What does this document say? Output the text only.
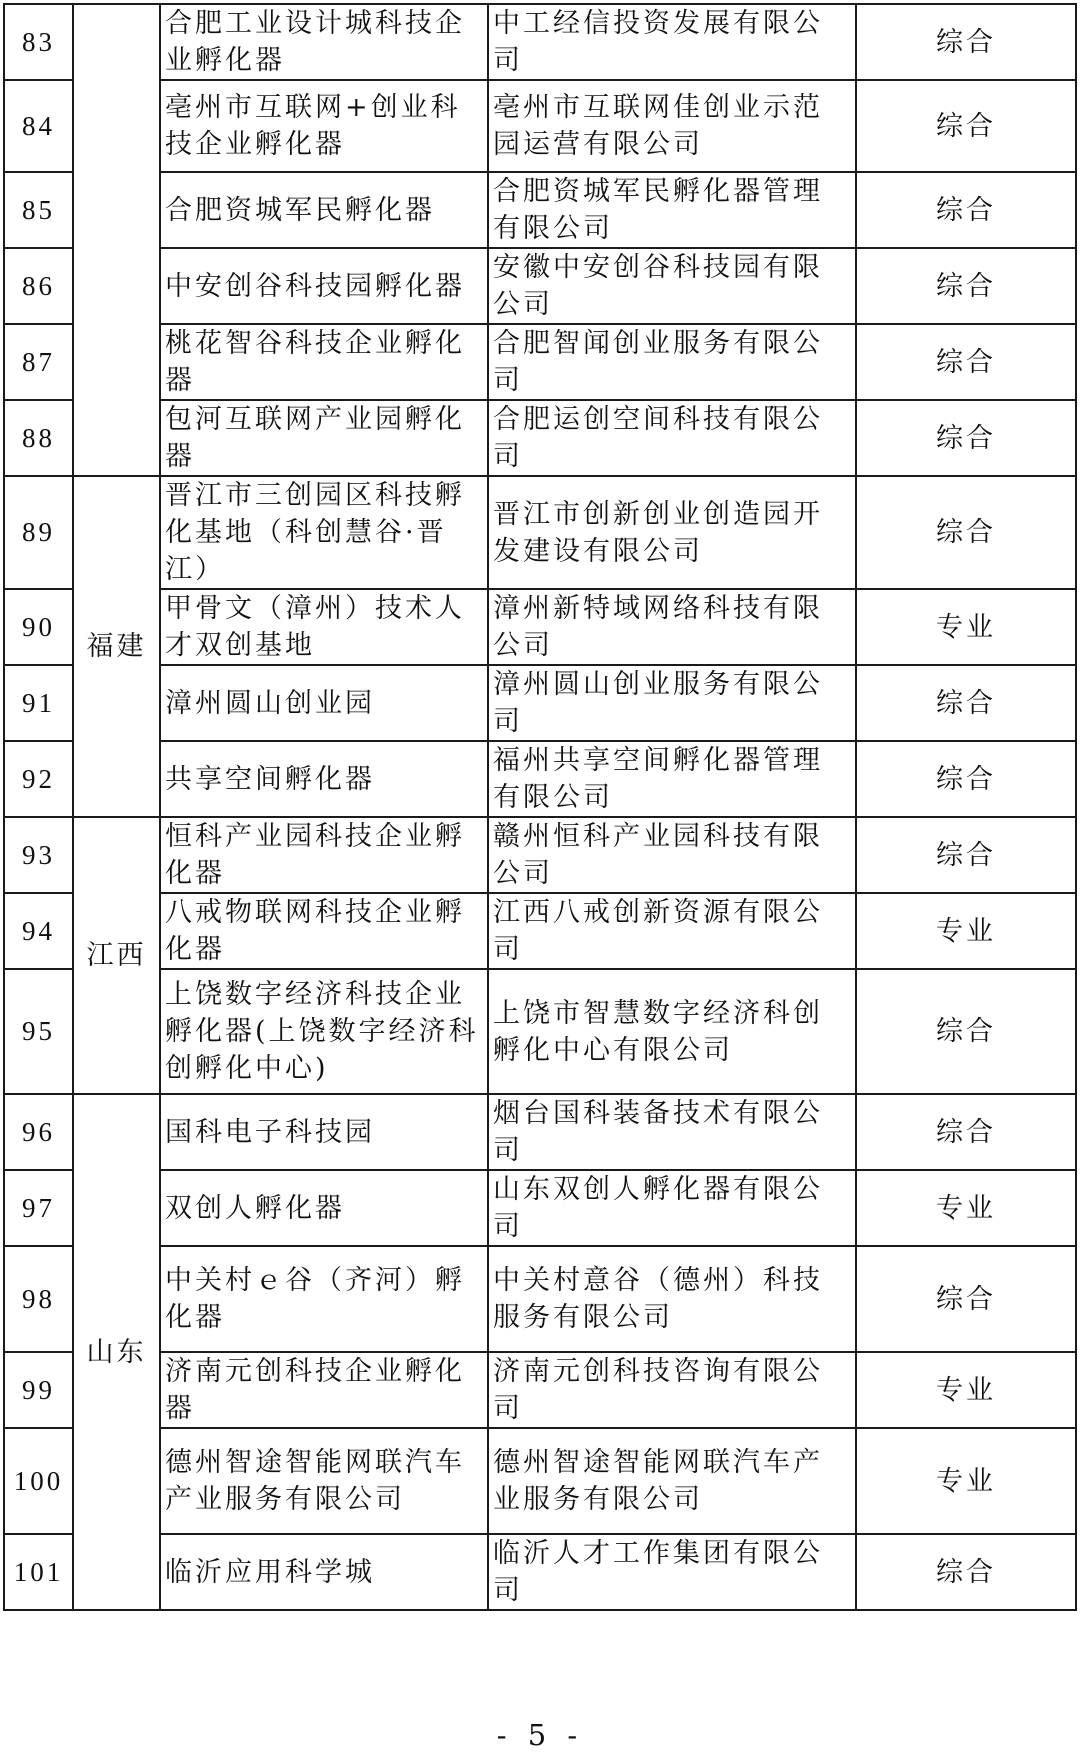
83		合肥工业设计城科技企业孵化器	中工经信投资发展有限公司	综合
84		亳州市互联网+创业科技企业孵化器	亳州市互联网佳创业示范园运营有限公司	综合
85		合肥资城军民孵化器	合肥资城军民孵化器管理有限公司	综合
86		中安创谷科技园孵化器	安徽中安创谷科技园有限公司	综合
87		桃花智谷科技企业孵化器	合肥智闻创业服务有限公司	综合
88		包河互联网产业园孵化器	合肥运创空间科技有限公司	综合
89	福建	晋江市三创园区科技孵化基地（科创慧谷·晋江）	晋江市创新创业创造园开发建设有限公司	综合
90		甲骨文（漳州）技术人才双创基地	漳州新特域网络科技有限公司	专业
91		漳州圆山创业园	漳州圆山创业服务有限公司	综合
92		共享空间孵化器	福州共享空间孵化器管理有限公司	综合
93	江西	恒科产业园科技企业孵化器	赣州恒科产业园科技有限公司	综合
94		八戒物联网科技企业孵化器	江西八戒创新资源有限公司	专业
95		上饶数字经济科技企业孵化器(上饶数字经济科创孵化中心)	上饶市智慧数字经济科创孵化中心有限公司	综合
96	山东	国科电子科技园	烟台国科装备技术有限公司	综合
97		双创人孵化器	山东双创人孵化器有限公司	专业
98		中关村ｅ谷（齐河）孵化器	中关村意谷（德州）科技服务有限公司	综合
99		济南元创科技企业孵化器	济南元创科技咨询有限公司	专业
100		德州智途智能网联汽车产业服务有限公司	德州智途智能网联汽车产业服务有限公司	专业
101		临沂应用科学城	临沂人才工作集团有限公司	综合
- 5 -
